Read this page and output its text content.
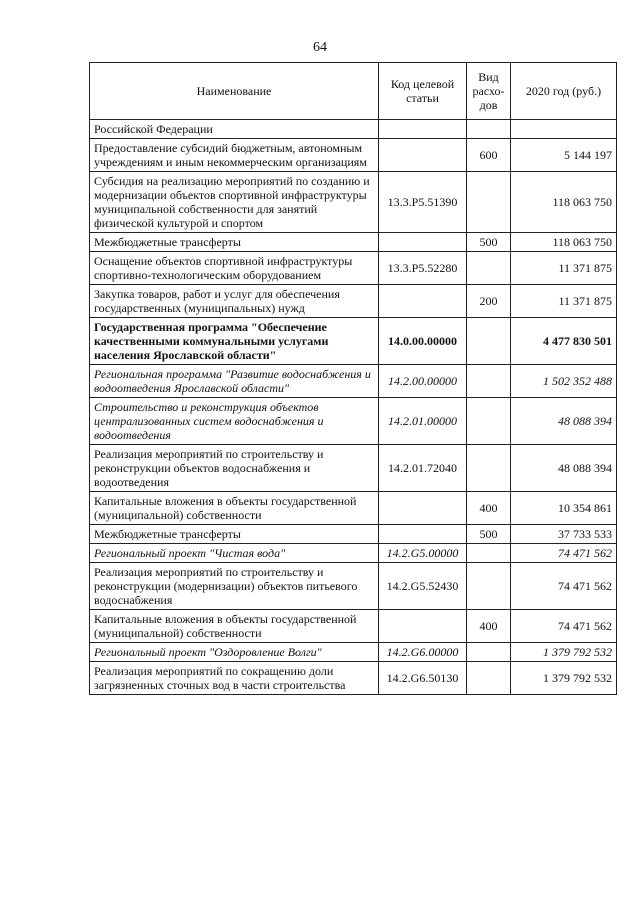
64
Наименование	Код целевой статьи	Вид расхо-дов	2020 год (руб.)
Российской Федерации			
Предоставление субсидий бюджетным, автономным учреждениям и иным некоммерческим организациям		600	5 144 197
Субсидия на реализацию мероприятий по созданию и модернизации объектов спортивной инфраструктуры муниципальной собственности для занятий физической культурой и спортом	13.3.Р5.51390		118 063 750
Межбюджетные трансферты		500	118 063 750
Оснащение объектов спортивной инфраструктуры спортивно-технологическим оборудованием	13.3.Р5.52280		11 371 875
Закупка товаров, работ и услуг для обеспечения государственных (муниципальных) нужд		200	11 371 875
Государственная программа "Обеспечение качественными коммунальными услугами населения Ярославской области"	14.0.00.00000		4 477 830 501
Региональная программа "Развитие водоснабжения и водоотведения Ярославской области"	14.2.00.00000		1 502 352 488
Строительство и реконструкция объектов централизованных систем водоснабжения и водоотведения	14.2.01.00000		48 088 394
Реализация мероприятий по строительству и реконструкции объектов водоснабжения и водоотведения	14.2.01.72040		48 088 394
Капитальные вложения в объекты государственной (муниципальной) собственности		400	10 354 861
Межбюджетные трансферты		500	37 733 533
Региональный проект "Чистая вода"	14.2.G5.00000		74 471 562
Реализация мероприятий по строительству и реконструкции (модернизации) объектов питьевого водоснабжения	14.2.G5.52430		74 471 562
Капитальные вложения в объекты государственной (муниципальной) собственности		400	74 471 562
Региональный проект "Оздоровление Волги"	14.2.G6.00000		1 379 792 532
Реализация мероприятий по сокращению доли загрязненных сточных вод в части строительства	14.2.G6.50130		1 379 792 532
